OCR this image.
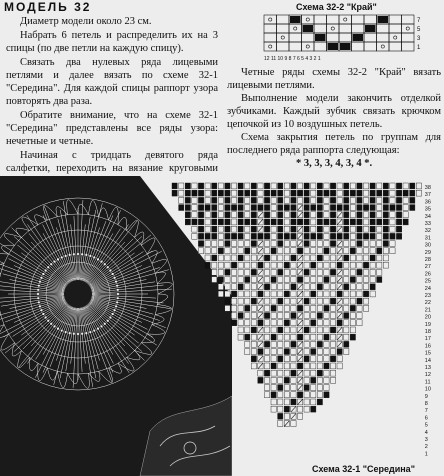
МОДЕЛЬ 32

Диаметр модели около 23 см.

Набрать 6 петель и распределить их на 3 спицы (по две петли на каждую спицу).

Связать два нулевых ряда лицевыми петлями и далее вязать по схеме 32-1 "Середина". Для каждой спицы раппорт узора повторять два раза.

Обратите внимание, что на схеме 32-1 "Середина" представлены все ряды узора: нечетные и четные.

Начиная с тридцать девятого ряда салфетки, переходить на вязание круговыми

Четные ряды схемы 32-2 "Край" вязать лицевыми петлями.

Выполнение модели закончить отделкой зубчиками. Каждый зубчик связать крючком цепочкой из 10 воздушных петель.

Схема закрытия петель по группам для последнего ряда раппорта следующая:

* 3, 3, 3, 4, 3, 4 *.

Схема 32-2 "Край"
7
5
3
1
12 11 10 9 8 7 6 5 4 3 2 1
38
37
36
35
34
33
32
31
30
29
28
27
26
25
24
23
22
21
20
19
18
17
16
15
14
13
12
11
10
9
8
7
6
5
4
3
2
1
Схема 32-1 "Середина"
